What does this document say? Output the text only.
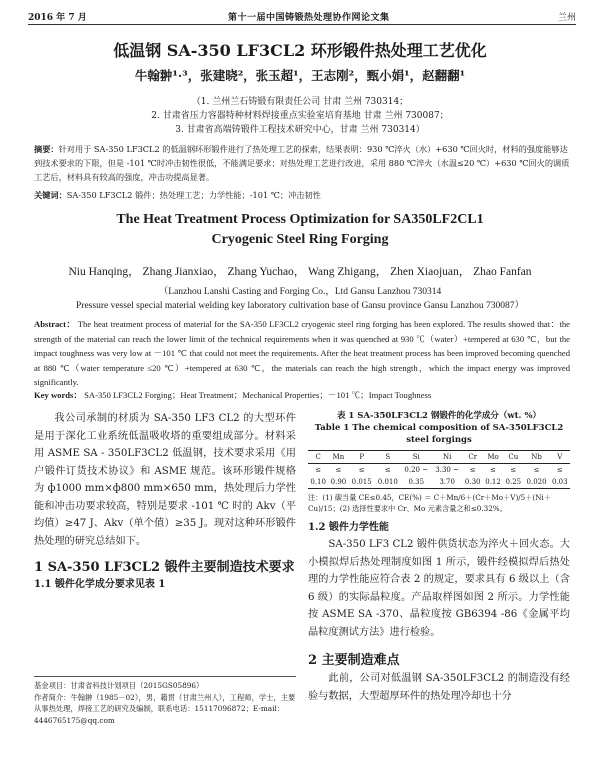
2016 年 7 月	第十一届中国铸锻热处理协作网论文集	兰州
低温钢 SA-350 LF3CL2 环形锻件热处理工艺优化
牛翰翀¹·³，张建晓²，张玉超¹，王志刚²，甄小娟¹，赵翻翻¹
（1. 兰州兰石铸锻有限责任公司 甘肃 兰州 730314；
2. 甘肃省压力容器特种材料焊接重点实验室培育基地 甘肃 兰州 730087；
3. 甘肃省高端铸锻件工程技术研究中心，甘肃 兰州 730314）
摘要：针对用于 SA-350 LF3CL2 的低温钢环形锻件进行了热处理工艺的探索，结果表明：930 ℃淬火（水）+630 ℃回火时，材料的强度能够达到技术要求的下限，但是 -101 ℃时冲击韧性很低，不能满足要求；对热处理工艺进行改进，采用 880 ℃淬火（水温≤20 ℃）+630 ℃回火的调质工艺后，材料具有较高的强度，冲击功提高显著。
关键词：SA-350 LF3CL2 锻件；热处理工艺；力学性能；-101 ℃；冲击韧性
The Heat Treatment Process Optimization for SA350LF2CL1
Cryogenic Steel Ring Forging
Niu Hanqing， Zhang Jianxiao， Zhang Yuchao， Wang Zhigang， Zhen Xiaojuan， Zhao Fanfan
（Lanzhou Lanshi Casting and Forging Co.，Ltd Gansu Lanzhou 730314
Pressure vessel special material welding key laboratory cultivation base of Gansu province Gansu Lanzhou 730087）
Abstract： The heat treatment process of material for the SA-350 LF3CL2 cryogenic steel ring forging has been explored. The results showed that：the strength of the material can reach the lower limit of the technical requirements when it was quenched at 930 ℃（water）+tempered at 630 ℃，but the impact toughness was very low at －101 ℃ that could not meet the requirements. After the heat treatment process has been improved becoming quenched at 880 ℃（water temperature ≤20 ℃）+tempered at 630 ℃，the materials can reach the high strength，which the impact energy was improved significantly.
Key words： SA-350 LF3CL2 Forging；Heat Treatment；Mechanical Properties；－101 ℃；Impact Toughness

我公司承制的材质为 SA-350 LF3 CL2 的大型环件是用于深化工业系统低温吸收塔的重要组成部分。材料采用 ASME SA - 350LF3CL2 低温钢，技术要求采用《用户锻件订货技术协议》和 ASME 规范。该环形锻件规格为 ф1000 mm×ф800 mm×650 mm，热处理后力学性能和冲击功要求较高，特别是要求 -101 ℃ 时的 Akv（平均值）≥47 J、Akv（单个值）≥35 J。现对这种环形锻件热处理的研究总结如下。

1 SA-350 LF3CL2 锻件主要制造技术要求

1.1 锻件化学成分要求见表 1

基金项目：甘肃省科技计划项目（2015GS05896）
作者简介：牛翰翀（1985－02），男，籍贯（甘肃兰州人），工程师，学士，主要从事热处理，焊接工艺的研究及编制，联系电话：15117096872；E-mail：4446765175@qq.com
表 1 SA-350LF3CL2 钢锻件的化学成分（wt. %）
Table 1 The chemical composition of SA-350LF3CL2
steel forgings
C	Mn	P	S	Si	Ni	Cr	Mo	Cu	Nb	V
≤	≤	≤	≤	0.20 ~	3.30 ~	≤	≤	≤	≤	≤
0.10	0.90	0.015	0.010	0.35	3.70	0.30	0.12	0.25	0.020	0.03
注：(1) 碳当量 CE≤0.45，CE(%) ＝ C＋Mn/6＋(Cr＋Mo＋V)/5＋(Ni＋Cu)/15；(2) 选择性要求中 Cr、Mo 元素含量之和≤0.32%。

1.2 锻件力学性能

SA-350 LF3 CL2 锻件供货状态为淬火＋回火态。大小模拟焊后热处理制度如图 1 所示，锻件经模拟焊后热处理的力学性能应符合表 2 的规定，要求具有 6 级以上（含 6 级）的实际晶粒度。产品取样图如图 2 所示。力学性能按 ASME SA -370、晶粒度按 GB6394 -86《金属平均晶粒度测试方法》进行检验。

2 主要制造难点

此前，公司对低温钢 SA-350LF3CL2 的制造没有经验与数据，大型超厚环件的热处理冷却也十分
